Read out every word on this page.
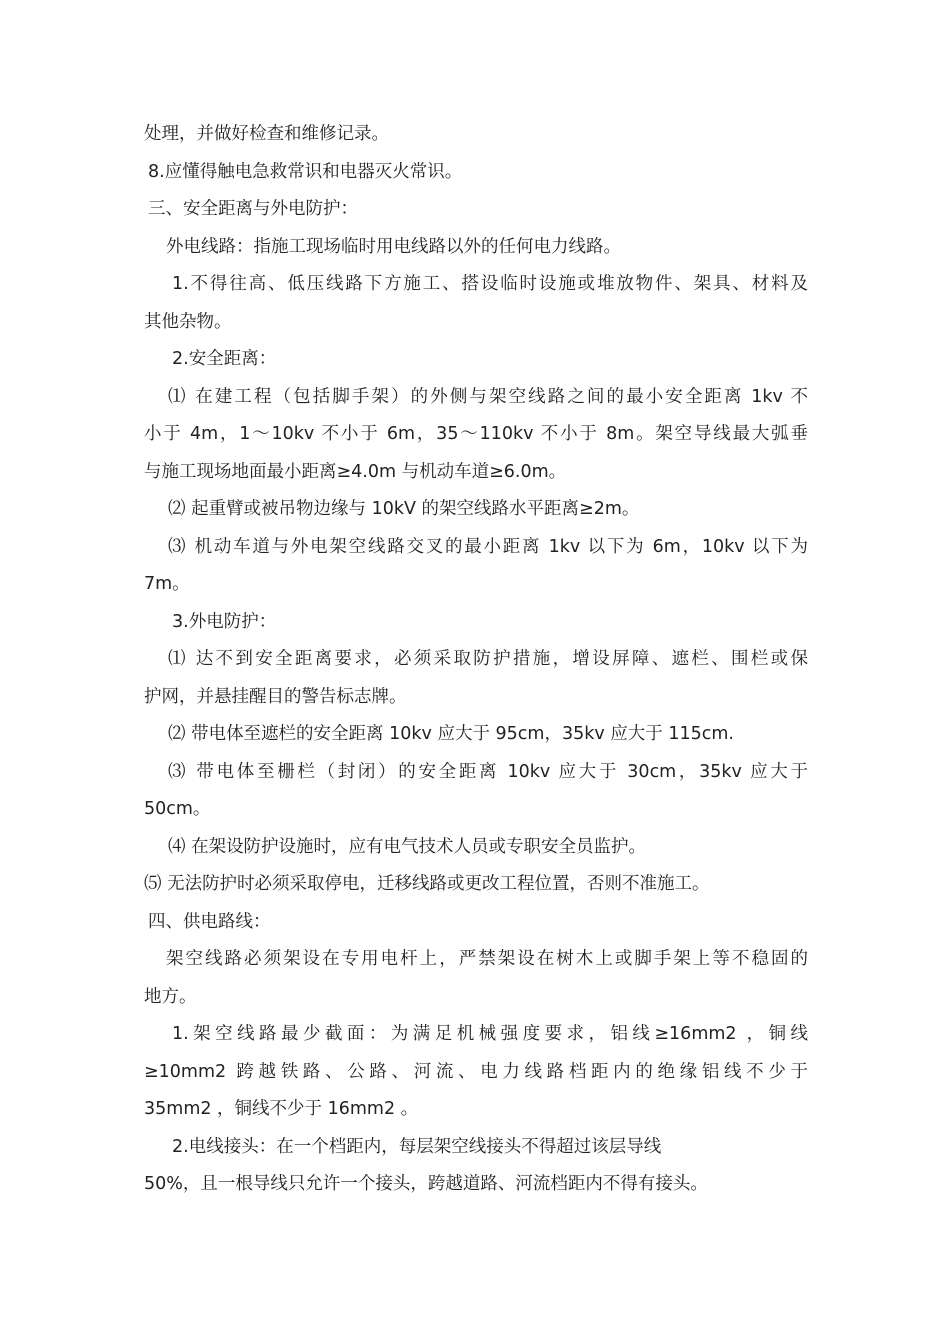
处理，并做好检查和维修记录。
8.应懂得触电急救常识和电器灭火常识。
三、安全距离与外电防护：
外电线路：指施工现场临时用电线路以外的任何电力线路。
1.不得往高、低压线路下方施工、搭设临时设施或堆放物件、架具、材料及
其他杂物。
2.安全距离：
⑴ 在建工程（包括脚手架）的外侧与架空线路之间的最小安全距离 1kv 不
小于 4m，1～10kv 不小于 6m，35～110kv 不小于 8m。架空导线最大弧垂
与施工现场地面最小距离≥4.0m 与机动车道≥6.0m。
⑵ 起重臂或被吊物边缘与 10kV 的架空线路水平距离≥2m。
⑶ 机动车道与外电架空线路交叉的最小距离 1kv 以下为 6m，10kv 以下为
7m。
3.外电防护：
⑴ 达不到安全距离要求，必须采取防护措施，增设屏障、遮栏、围栏或保
护网，并悬挂醒目的警告标志牌。
⑵ 带电体至遮栏的安全距离 10kv 应大于 95cm，35kv 应大于 115cm.
⑶ 带电体至栅栏（封闭）的安全距离 10kv 应大于 30cm，35kv 应大于
50cm。
⑷ 在架设防护设施时，应有电气技术人员或专职安全员监护。
⑸ 无法防护时必须采取停电，迁移线路或更改工程位置，否则不准施工。
四、供电路线：
架空线路必须架设在专用电杆上，严禁架设在树木上或脚手架上等不稳固的
地方。
1.架空线路最少截面：为满足机械强度要求，铝线≥16mm2 ，铜线
≥10mm2 跨越铁路、公路、河流、电力线路档距内的绝缘铝线不少于
35mm2 ，铜线不少于 16mm2 。
2.电线接头：在一个档距内，每层架空线接头不得超过该层导线
50%，且一根导线只允许一个接头，跨越道路、河流档距内不得有接头。
